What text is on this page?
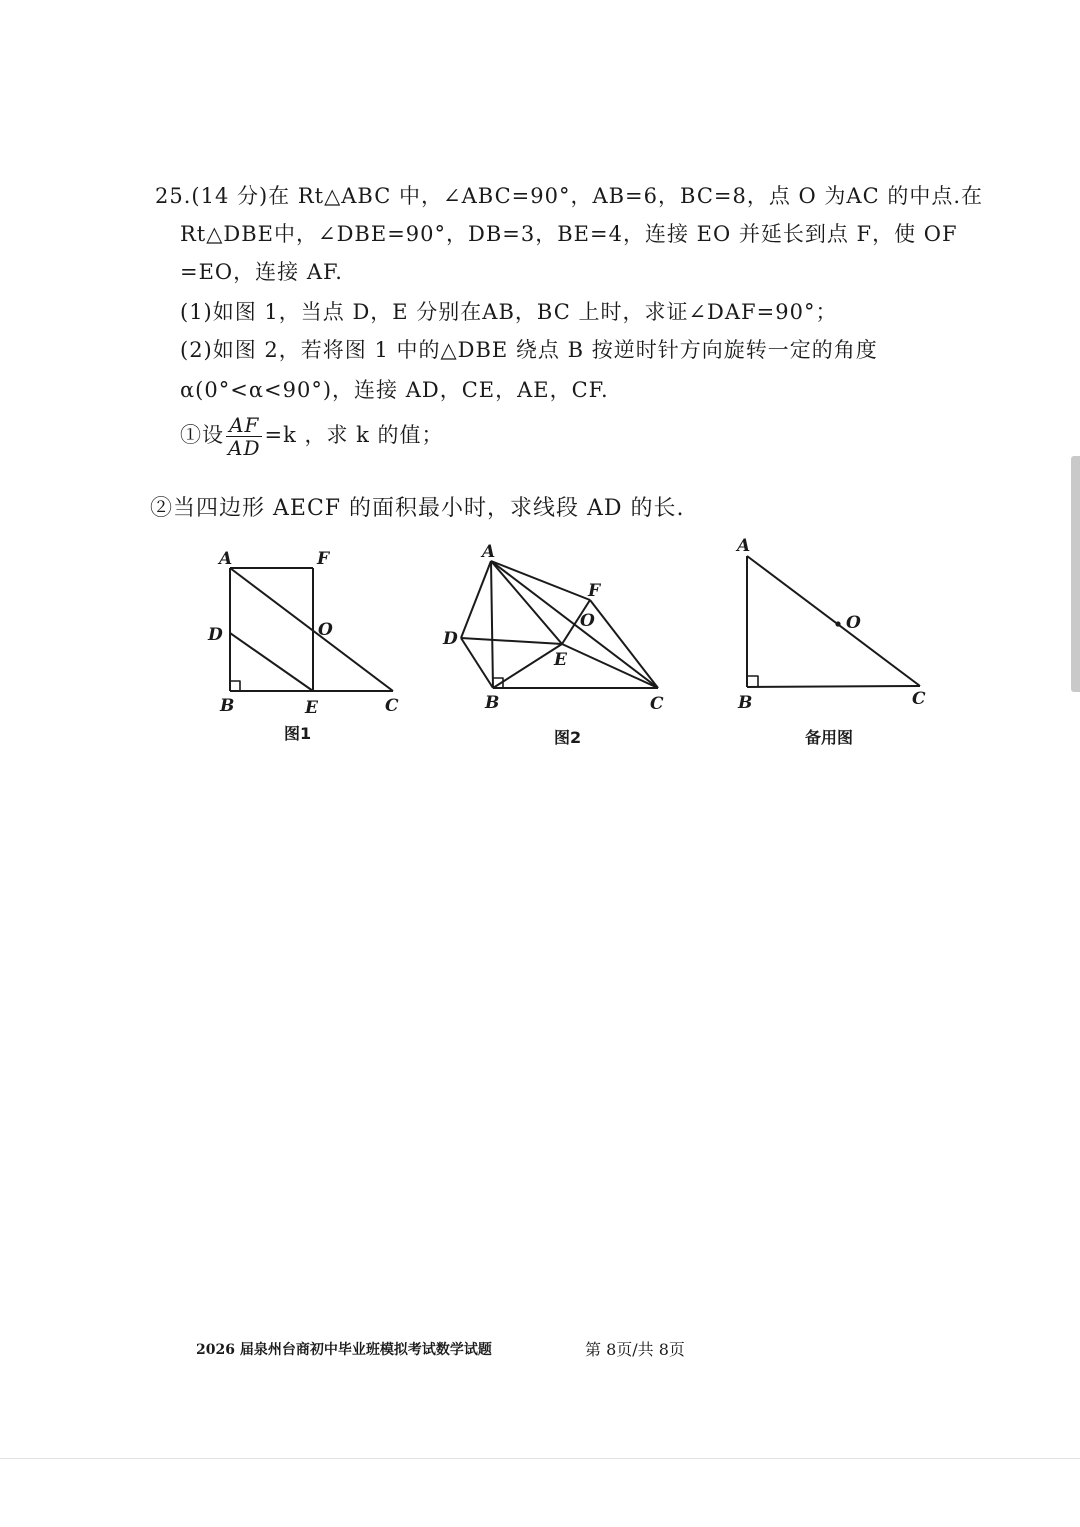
25.(14 分)在 Rt△ABC 中，∠ABC=90°，AB=6，BC=8，点 O 为AC 的中点.在
Rt△DBE中，∠DBE=90°，DB=3，BE=4，连接 EO 并延长到点 F，使 OF
=EO，连接 AF.
(1)如图 1，当点 D，E 分别在AB，BC 上时，求证∠DAF=90°；
(2)如图 2，若将图 1 中的△DBE 绕点 B 按逆时针方向旋转一定的角度
α(0°<α<90°)，连接 AD，CE，AE，CF.
①设 $\frac{AF}{AD} =k$ ，求 k 的值；
②当四边形 AECF 的面积最小时，求线段 AD 的长.
A	F
D	O
B	E	C
图1
A
F
O
D
E
B	C
图2
A
O
B	C
备用图
2026 届泉州台商初中毕业班模拟考试数学试题	第 8页/共 8页
